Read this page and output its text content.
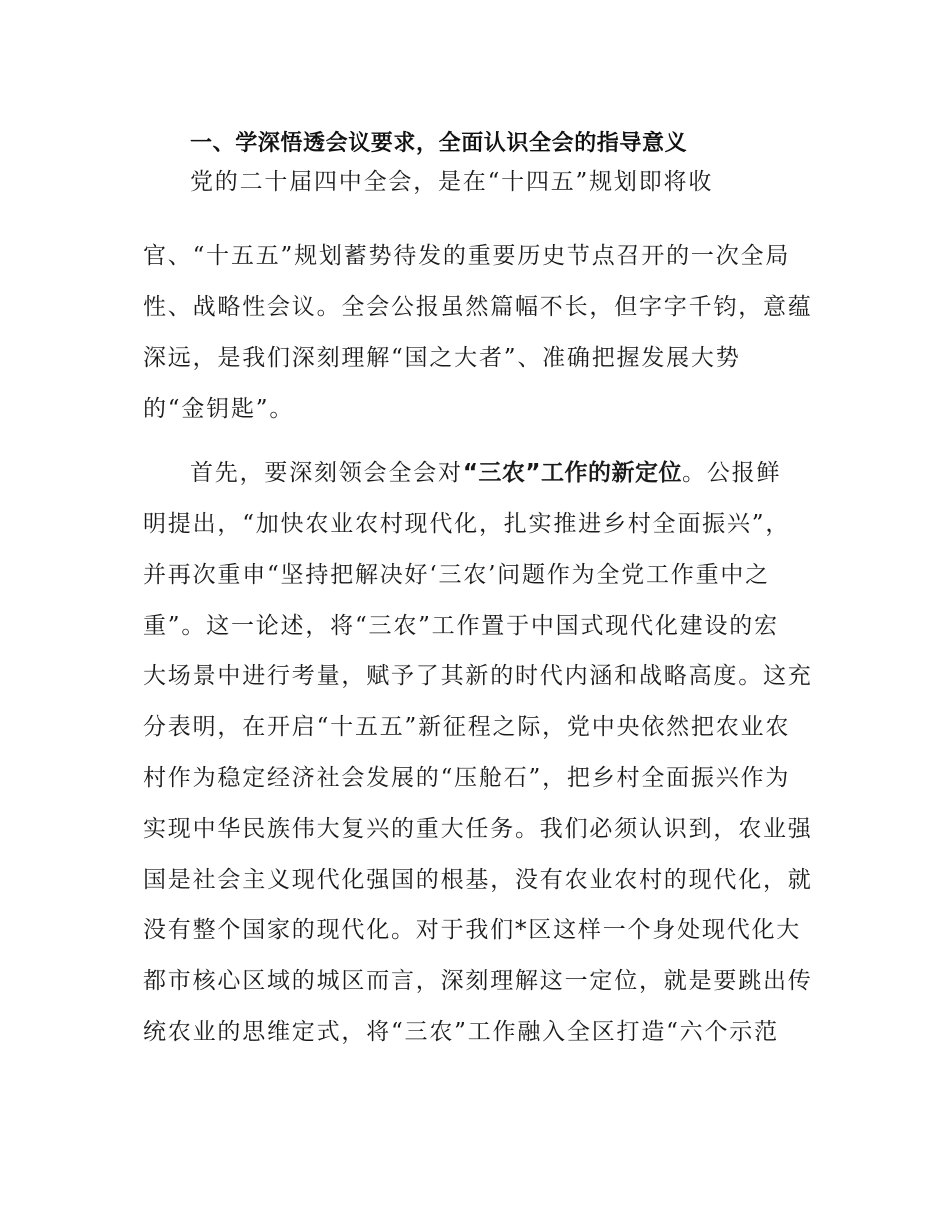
一、学深悟透会议要求，全面认识全会的指导意义

党的二十届四中全会，是在“十四五”规划即将收

官、“十五五”规划蓄势待发的重要历史节点召开的一次全局

性、战略性会议。全会公报虽然篇幅不长，但字字千钧，意蕴

深远，是我们深刻理解“国之大者”、准确把握发展大势

的“金钥匙”。

首先，要深刻领会全会对“三农”工作的新定位。公报鲜

明提出，“加快农业农村现代化，扎实推进乡村全面振兴”，

并再次重申“坚持把解决好‘三农’问题作为全党工作重中之

重”。这一论述，将“三农”工作置于中国式现代化建设的宏

大场景中进行考量，赋予了其新的时代内涵和战略高度。这充

分表明，在开启“十五五”新征程之际，党中央依然把农业农

村作为稳定经济社会发展的“压舱石”，把乡村全面振兴作为

实现中华民族伟大复兴的重大任务。我们必须认识到，农业强

国是社会主义现代化强国的根基，没有农业农村的现代化，就

没有整个国家的现代化。对于我们*区这样一个身处现代化大

都市核心区域的城区而言，深刻理解这一定位，就是要跳出传

统农业的思维定式，将“三农”工作融入全区打造“六个示范
